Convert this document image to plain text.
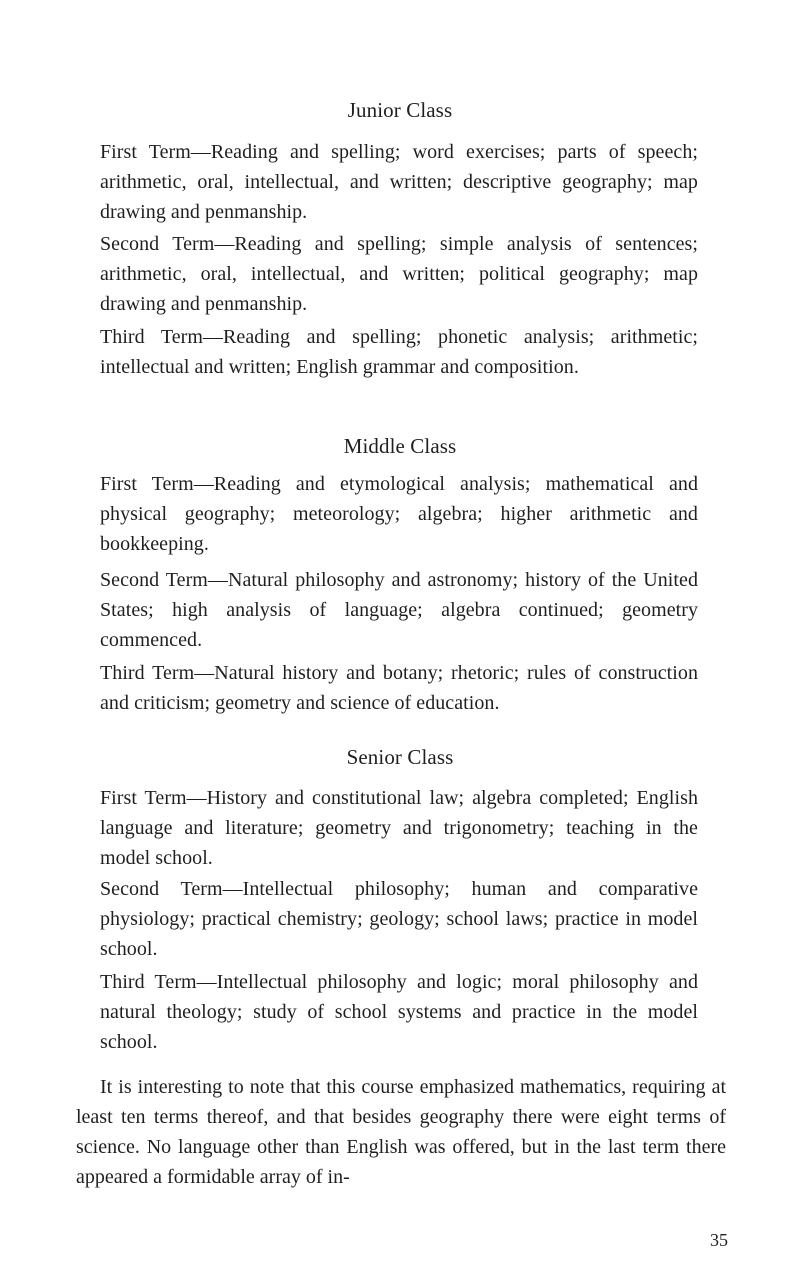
Junior Class

First Term—Reading and spelling; word exercises; parts of speech; arithmetic, oral, intellectual, and written; descriptive geography; map drawing and penmanship.

Second Term—Reading and spelling; simple analysis of sentences; arithmetic, oral, intellectual, and written; political geography; map drawing and penmanship.

Third Term—Reading and spelling; phonetic analysis; arithmetic; intellectual and written; English grammar and composition.

Middle Class

First Term—Reading and etymological analysis; mathematical and physical geography; meteorology; algebra; higher arithmetic and bookkeeping.

Second Term—Natural philosophy and astronomy; history of the United States; high analysis of language; algebra continued; geometry commenced.

Third Term—Natural history and botany; rhetoric; rules of construction and criticism; geometry and science of education.

Senior Class

First Term—History and constitutional law; algebra completed; English language and literature; geometry and trigonometry; teaching in the model school.

Second Term—Intellectual philosophy; human and comparative physiology; practical chemistry; geology; school laws; practice in model school.

Third Term—Intellectual philosophy and logic; moral philosophy and natural theology; study of school systems and practice in the model school.

It is interesting to note that this course emphasized mathematics, requiring at least ten terms thereof, and that besides geography there were eight terms of science. No language other than English was offered, but in the last term there appeared a formidable array of in-

35
